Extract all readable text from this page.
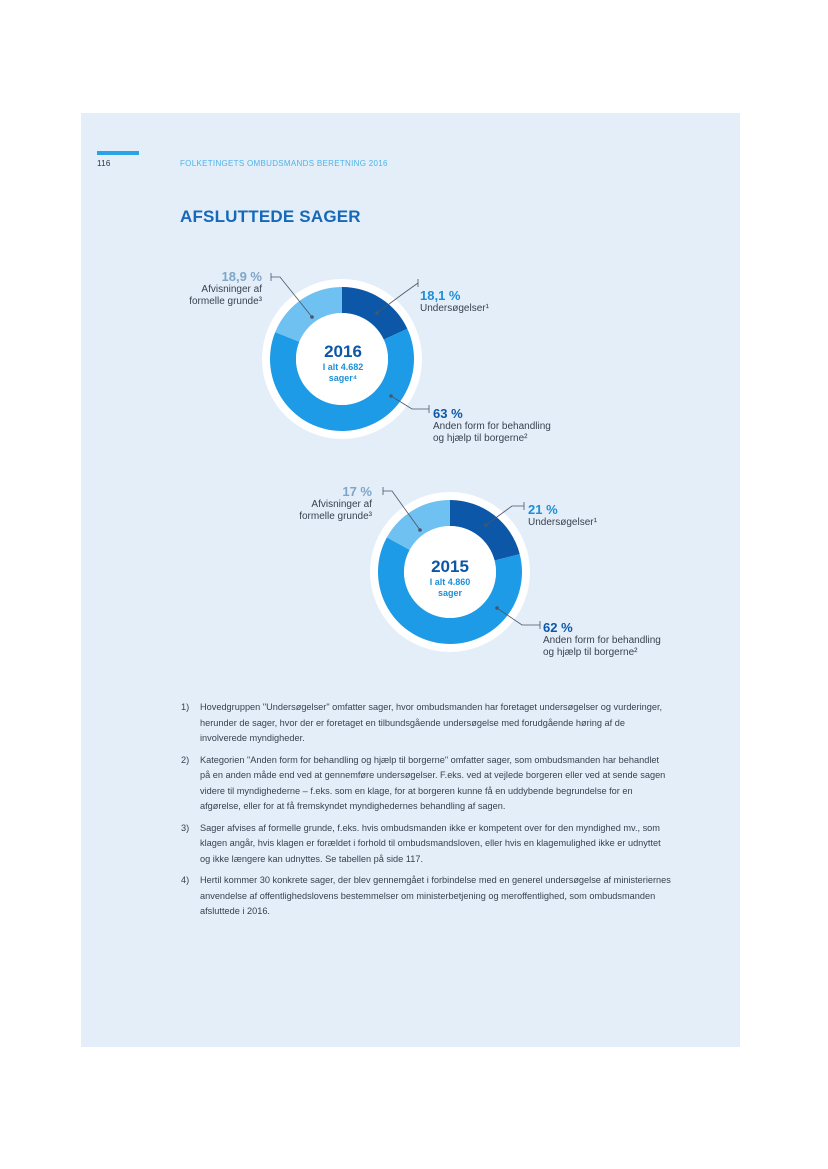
116	FOLKETINGETS OMBUDSMANDS BERETNING 2016
AFSLUTTEDE SAGER
18,9 %
Afvisninger af
formelle grunde³	18,1 %
Undersøgelser¹
63 %
Anden form for behandling
og hjælp til borgerne²
2016
I alt 4.682
sager⁴
17 %
Afvisninger af
formelle grunde³	21 %
Undersøgelser¹
62 %
Anden form for behandling
og hjælp til borgerne²
2015
I alt 4.860
sager
1) Hovedgruppen "Undersøgelser" omfatter sager, hvor ombudsmanden har foretaget undersøgelser og vurderinger, herunder de sager, hvor der er foretaget en tilbundsgående undersøgelse med forudgående høring af de involverede myndigheder.
2) Kategorien "Anden form for behandling og hjælp til borgerne" omfatter sager, som ombudsmanden har behandlet på en anden måde end ved at gennemføre undersøgelser. F.eks. ved at vejlede borgeren eller ved at sende sagen videre til myndighederne – f.eks. som en klage, for at borgeren kunne få en uddybende begrundelse for en afgørelse, eller for at få fremskyndet myndighedernes behandling af sagen.
3) Sager afvises af formelle grunde, f.eks. hvis ombudsmanden ikke er kompetent over for den myndighed mv., som klagen angår, hvis klagen er forældet i forhold til ombudsmandsloven, eller hvis en klagemulighed ikke er udnyttet og ikke længere kan udnyttes. Se tabellen på side 117.
4) Hertil kommer 30 konkrete sager, der blev gennemgået i forbindelse med en generel undersøgelse af ministeriernes anvendelse af offentlighedslovens bestemmelser om ministerbetjening og meroffentlighed, som ombudsmanden afsluttede i 2016.
